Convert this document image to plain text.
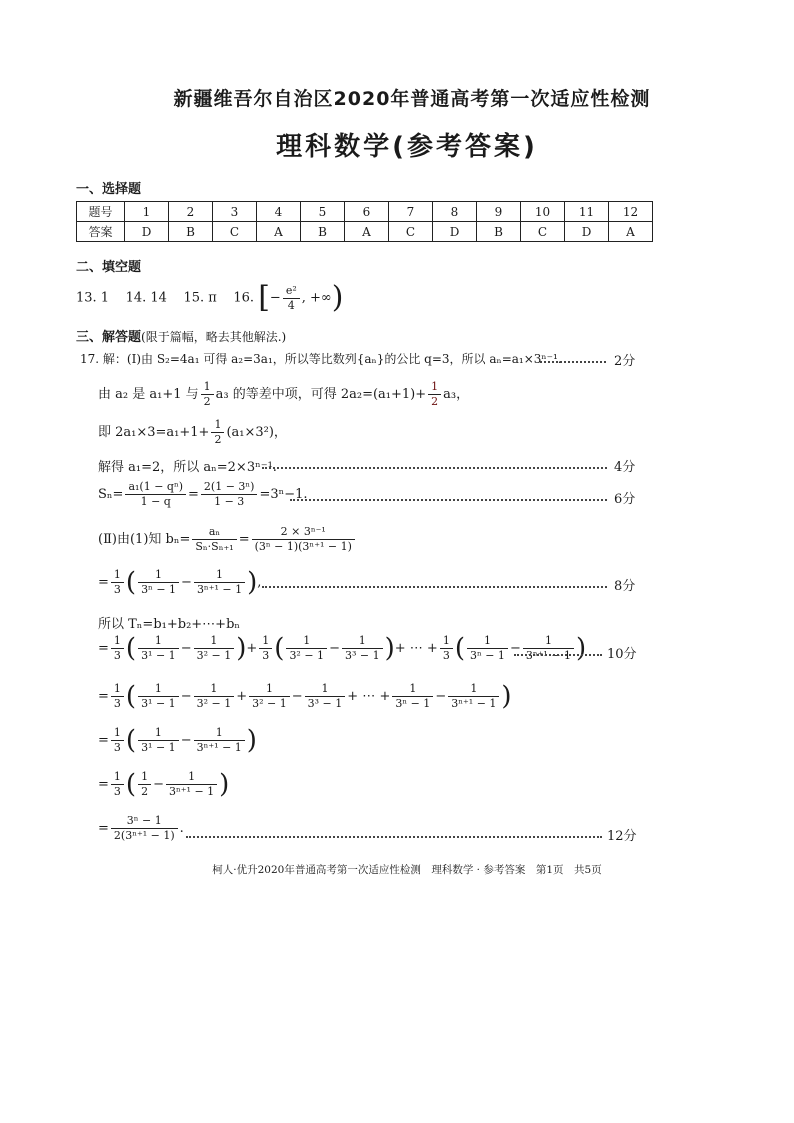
新疆维吾尔自治区2020年普通高考第一次适应性检测
理科数学(参考答案)
一、选择题
题号	1	2	3	4	5	6	7	8	9	10	11	12
答案	D	B	C	A	B	A	C	D	B	C	D	A
二、填空题
13. 1    14. 14    15. π    16. [− $\frac{\text{e²}}{4}$ , +∞)
三、解答题(限于篇幅，略去其他解法.)
17. 解：(Ⅰ)由 S₂=4a₁ 可得 a₂=3a₁，所以等比数列{aₙ}的公比 q=3，所以 aₙ=a₁×3ⁿ⁻¹.	2分
由 a₂ 是 a₁+1 与 $\frac{1}{2} a_3$ 的等差中项，可得 $2a_2=(a_1+1)+ \frac{1}{2} a_3$，
即 $2a_1\times 3=a_1+1+ \frac{1}{2} (a_1\times 3^2)$，
解得 a₁=2，所以 aₙ=2×3ⁿ⁻¹.	4分
$S_n= \frac{\text{a₁(1 − qⁿ)}}{1 - q} = \frac{\text{2(1 − 3ⁿ)}}{1 - 3} =3^n-1$.	6分
(Ⅱ)由(1)知 $b_n= \frac{\text{aₙ}}{\text{Sₙ·Sₙ₊₁}} = \frac{\text{2 × 3ⁿ⁻¹}}{\text{(3ⁿ − 1)(3ⁿ⁺¹ − 1)}}$
= $\frac{1}{3}$ ( $\frac{1}{\text{3ⁿ − 1}} - \frac{1}{\text{3ⁿ⁺¹ − 1}}$ ),	8分
所以 Tₙ=b₁+b₂+⋯+bₙ
= $\frac{1}{3}$ ( $\frac{1}{\text{3¹ − 1}} - \frac{1}{\text{3² − 1}}$ )+ $\frac{1}{3}$ ( $\frac{1}{\text{3² − 1}} - \frac{1}{\text{3³ − 1}}$ )+ ⋯ + $\frac{1}{3}$ ( $\frac{1}{\text{3ⁿ − 1}} - \frac{1}{\text{3ⁿ⁺¹ − 1}}$ ) 10分
= $\frac{1}{3}$ ( $\frac{1}{\text{3¹ − 1}} - \frac{1}{\text{3² − 1}} + \frac{1}{\text{3² − 1}} - \frac{1}{\text{3³ − 1}}$ + ⋯ + $\frac{1}{\text{3ⁿ − 1}} - \frac{1}{\text{3ⁿ⁺¹ − 1}}$ )
= $\frac{1}{3}$ ( $\frac{1}{\text{3¹ − 1}} - \frac{1}{\text{3ⁿ⁺¹ − 1}}$ )
= $\frac{1}{3}$ ( $\frac{1}{2} - \frac{1}{\text{3ⁿ⁺¹ − 1}}$ )
= $\frac{\text{3ⁿ − 1}}{\text{2(3ⁿ⁺¹ − 1)}}$ .
12分
柯人·优升2020年普通高考第一次适应性检测　理科数学 · 参考答案　第1页　共5页
